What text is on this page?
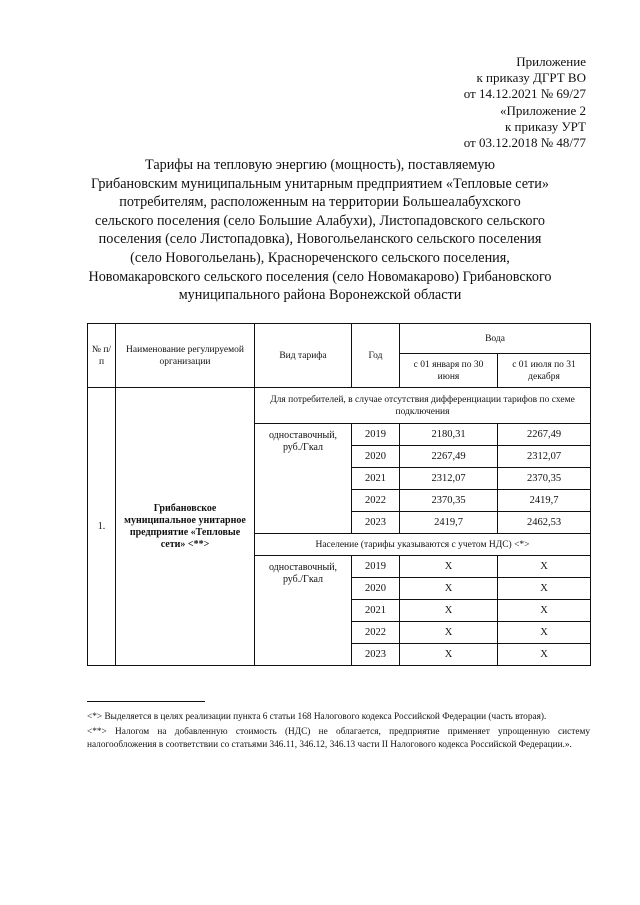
Приложение
к приказу ДГРТ ВО
от 14.12.2021 № 69/27
«Приложение 2
к приказу УРТ
от 03.12.2018 № 48/77
Тарифы на тепловую энергию (мощность), поставляемую
Грибановским муниципальным унитарным предприятием «Тепловые сети»
потребителям, расположенным на территории Большеалабухского
сельского поселения (село Большие Алабухи), Листопадовского сельского
поселения (село Листопадовка), Новогольеланского сельского поселения
(село Новогольелань), Краснореченского сельского поселения,
Новомакаровского сельского поселения (село Новомакарово) Грибановского
муниципального района Воронежской области
№ п/п	Наименование регулируемой организации	Вид тарифа	Год	Вода	
				с 01 января по 30 июня	с 01 июля по 31 декабря
1.	Грибановское муниципальное унитарное предприятие «Тепловые сети» <**>	Для потребителей, в случае отсутствия дифференциации тарифов по схеме подключения			
		одноставочный, руб./Гкал	2019	2180,31	2267,49
			2020	2267,49	2312,07
			2021	2312,07	2370,35
			2022	2370,35	2419,7
			2023	2419,7	2462,53
		Население (тарифы указываются с учетом НДС) <*>			
		одноставочный, руб./Гкал	2019	Х	Х
			2020	Х	Х
			2021	Х	Х
			2022	Х	Х
			2023	Х	Х

<*> Выделяется в целях реализации пункта 6 статьи 168 Налогового кодекса Российской Федерации (часть вторая).

<**> Налогом на добавленную стоимость (НДС) не облагается, предприятие применяет упрощенную систему налогообложения в соответствии со статьями 346.11, 346.12, 346.13 части II Налогового кодекса Российской Федерации.».
